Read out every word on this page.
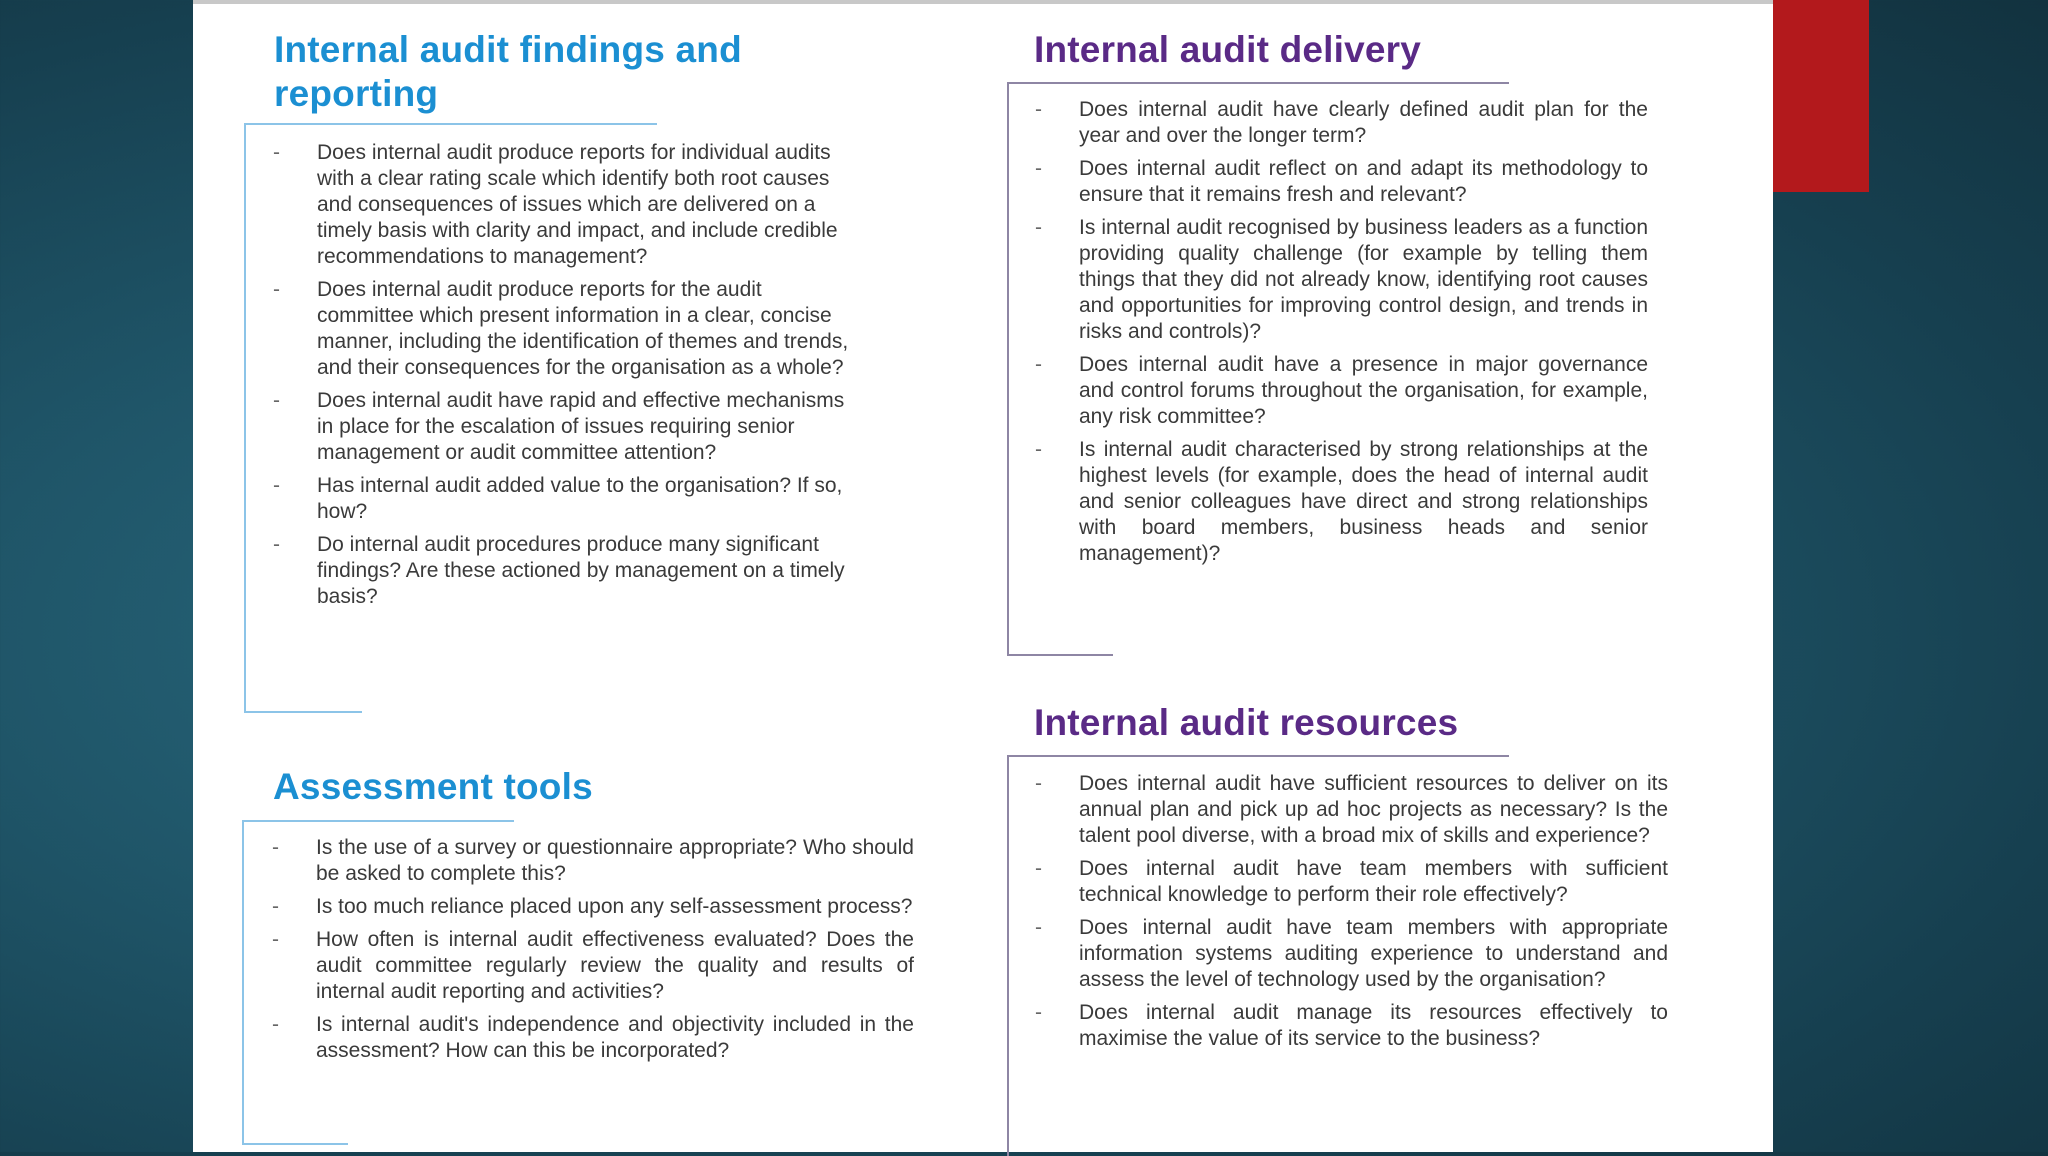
Internal audit findings and
reporting
- Does internal audit produce reports for individual audits with a clear rating scale which identify both root causes and consequences of issues which are delivered on a timely basis with clarity and impact, and include credible recommendations to management?
- Does internal audit produce reports for the audit committee which present information in a clear, concise manner, including the identification of themes and trends, and their consequences for the organisation as a whole?
- Does internal audit have rapid and effective mechanisms in place for the escalation of issues requiring senior management or audit committee attention?
- Has internal audit added value to the organisation? If so, how?
- Do internal audit procedures produce many significant findings? Are these actioned by management on a timely basis?
Assessment tools
- Is the use of a survey or questionnaire appropriate? Who should be asked to complete this?
- Is too much reliance placed upon any self-assessment process?
- How often is internal audit effectiveness evaluated? Does the audit committee regularly review the quality and results of internal audit reporting and activities?
- Is internal audit's independence and objectivity included in the assessment? How can this be incorporated?
Internal audit delivery
- Does internal audit have clearly defined audit plan for the year and over the longer term?
- Does internal audit reflect on and adapt its methodology to ensure that it remains fresh and relevant?
- Is internal audit recognised by business leaders as a function providing quality challenge (for example by telling them things that they did not already know, identifying root causes and opportunities for improving control design, and trends in risks and controls)?
- Does internal audit have a presence in major governance and control forums throughout the organisation, for example, any risk committee?
- Is internal audit characterised by strong relationships at the highest levels (for example, does the head of internal audit and senior colleagues have direct and strong relationships with board members, business heads and senior management)?
Internal audit resources
- Does internal audit have sufficient resources to deliver on its annual plan and pick up ad hoc projects as necessary? Is the talent pool diverse, with a broad mix of skills and experience?
- Does internal audit have team members with sufficient technical knowledge to perform their role effectively?
- Does internal audit have team members with appropriate information systems auditing experience to understand and assess the level of technology used by the organisation?
- Does internal audit manage its resources effectively to maximise the value of its service to the business?
